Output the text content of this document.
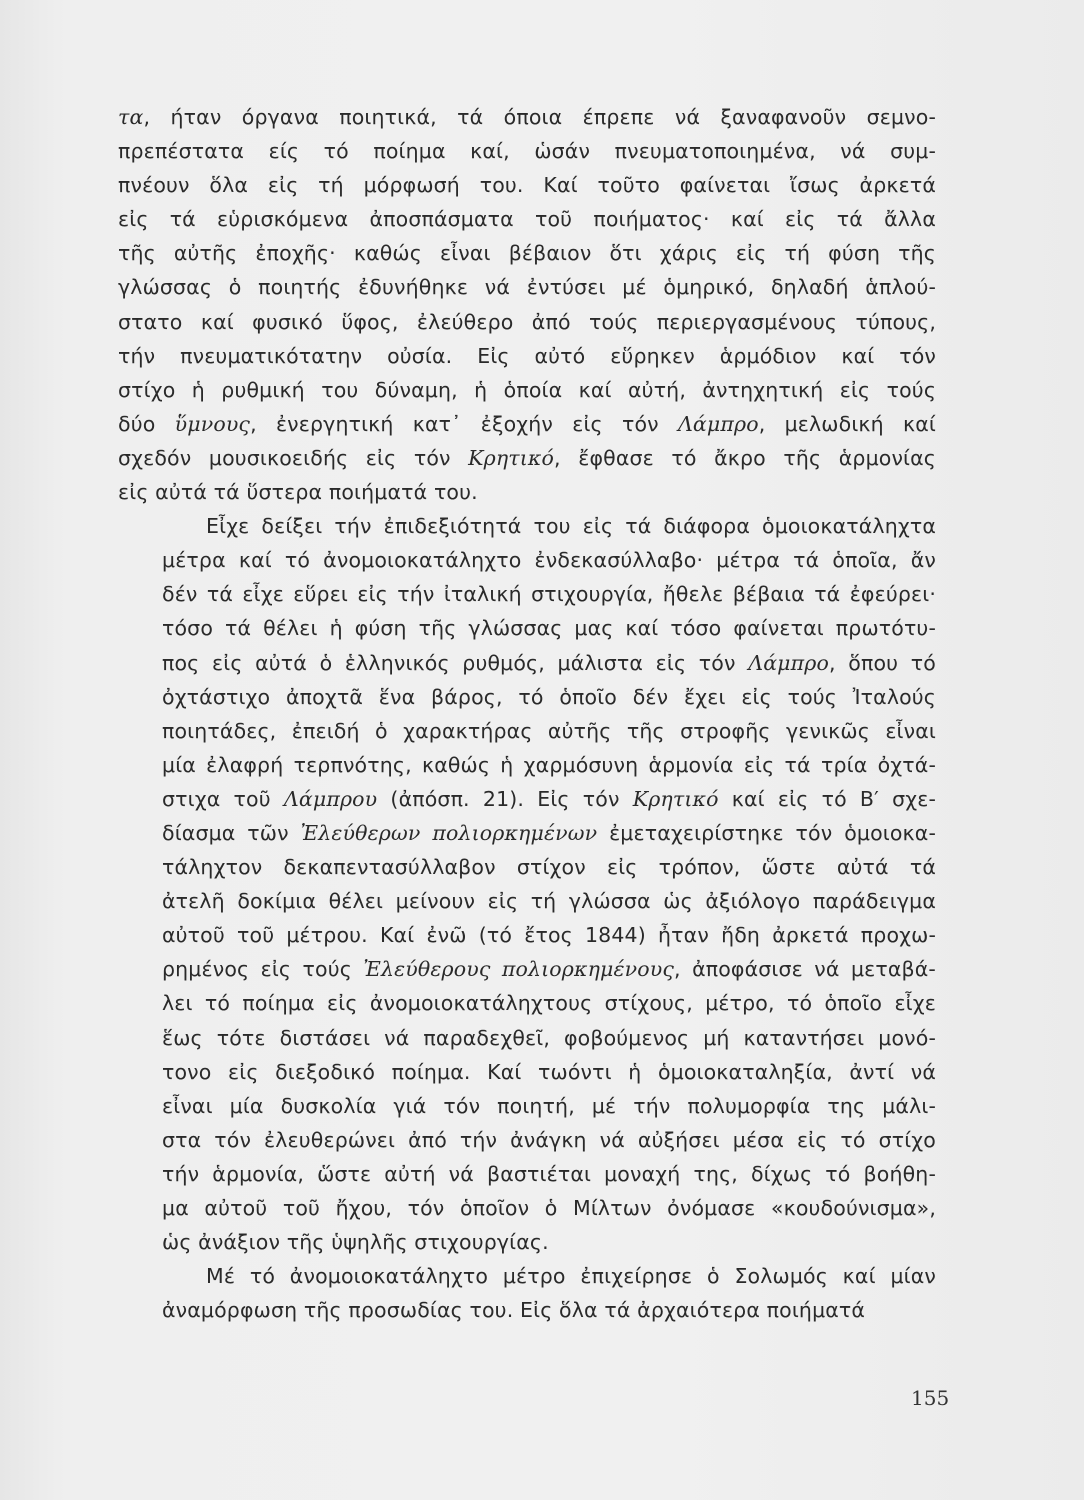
τα, ήταν όργανα ποιητικά, τά όποια έπρεπε νά ξαναφανοῦν σεμνο-
πρεπέστατα είς τό ποίημα καί, ὡσάν πνευματοποιημένα, νά συμ-
πνέουν ὅλα εἰς τή μόρφωσή του. Καί τοῦτο φαίνεται ἴσως ἀρκετά
εἰς τά εὑρισκόμενα ἀποσπάσματα τοῦ ποιήματος· καί εἰς τά ἄλλα
τῆς αὐτῆς ἐποχῆς· καθώς εἶναι βέβαιον ὅτι χάρις εἰς τή φύση τῆς
γλώσσας ὁ ποιητής ἐδυνήθηκε νά ἐντύσει μέ ὁμηρικό, δηλαδή ἁπλού-
στατο καί φυσικό ὕφος, ἐλεύθερο ἀπό τούς περιεργασμένους τύπους,
τήν πνευματικότατην οὐσία. Εἰς αὐτό εὕρηκεν ἁρμόδιον καί τόν
στίχο ἡ ρυθμική του δύναμη, ἡ ὁποία καί αὐτή, ἀντηχητική εἰς τούς
δύο ὕμνους, ἐνεργητική κατ᾽ ἐξοχήν εἰς τόν Λάμπρο, μελωδική καί
σχεδόν μουσικοειδής εἰς τόν Κρητικό, ἔφθασε τό ἄκρο τῆς ἁρμονίας
εἰς αὐτά τά ὕστερα ποιήματά του.
Εἶχε δείξει τήν ἐπιδεξιότητά του εἰς τά διάφορα ὁμοιοκατάληχτα
μέτρα καί τό ἀνομοιοκατάληχτο ἐνδεκασύλλαβο· μέτρα τά ὁποῖα, ἄν
δέν τά εἶχε εὕρει εἰς τήν ἰταλική στιχουργία, ἤθελε βέβαια τά ἐφεύρει·
τόσο τά θέλει ἡ φύση τῆς γλώσσας μας καί τόσο φαίνεται πρωτότυ-
πος εἰς αὐτά ὁ ἑλληνικός ρυθμός, μάλιστα εἰς τόν Λάμπρο, ὅπου τό
ὀχτάστιχο ἀποχτᾶ ἕνα βάρος, τό ὁποῖο δέν ἔχει εἰς τούς Ἰταλούς
ποιητάδες, ἐπειδή ὁ χαρακτήρας αὐτῆς τῆς στροφῆς γενικῶς εἶναι
μία ἐλαφρή τερπνότης, καθώς ἡ χαρμόσυνη ἁρμονία εἰς τά τρία ὀχτά-
στιχα τοῦ Λάμπρου (ἀπόσπ. 21). Εἰς τόν Κρητικό καί εἰς τό Β′ σχε-
δίασμα τῶν Ἐλεύθερων πολιορκημένων ἐμεταχειρίστηκε τόν ὁμοιοκα-
τάληχτον δεκαπεντασύλλαβον στίχον εἰς τρόπον, ὥστε αὐτά τά
ἀτελῆ δοκίμια θέλει μείνουν εἰς τή γλώσσα ὡς ἀξιόλογο παράδειγμα
αὐτοῦ τοῦ μέτρου. Καί ἐνῶ (τό ἔτος 1844) ἦταν ἤδη ἀρκετά προχω-
ρημένος εἰς τούς Ἐλεύθερους πολιορκημένους, ἀποφάσισε νά μεταβά-
λει τό ποίημα εἰς ἀνομοιοκατάληχτους στίχους, μέτρο, τό ὁποῖο εἶχε
ἕως τότε διστάσει νά παραδεχθεῖ, φοβούμενος μή καταντήσει μονό-
τονο εἰς διεξοδικό ποίημα. Καί τωόντι ἡ ὁμοιοκαταληξία, ἀντί νά
εἶναι μία δυσκολία γιά τόν ποιητή, μέ τήν πολυμορφία της μάλι-
στα τόν ἐλευθερώνει ἀπό τήν ἀνάγκη νά αὐξήσει μέσα εἰς τό στίχο
τήν ἁρμονία, ὥστε αὐτή νά βαστιέται μοναχή της, δίχως τό βοήθη-
μα αὐτοῦ τοῦ ἤχου, τόν ὁποῖον ὁ Μίλτων ὀνόμασε «κουδούνισμα»,
ὡς ἀνάξιον τῆς ὑψηλῆς στιχουργίας.
Μέ τό ἀνομοιοκατάληχτο μέτρο ἐπιχείρησε ὁ Σολωμός καί μίαν
ἀναμόρφωση τῆς προσωδίας του. Εἰς ὅλα τά ἀρχαιότερα ποιήματά
155
